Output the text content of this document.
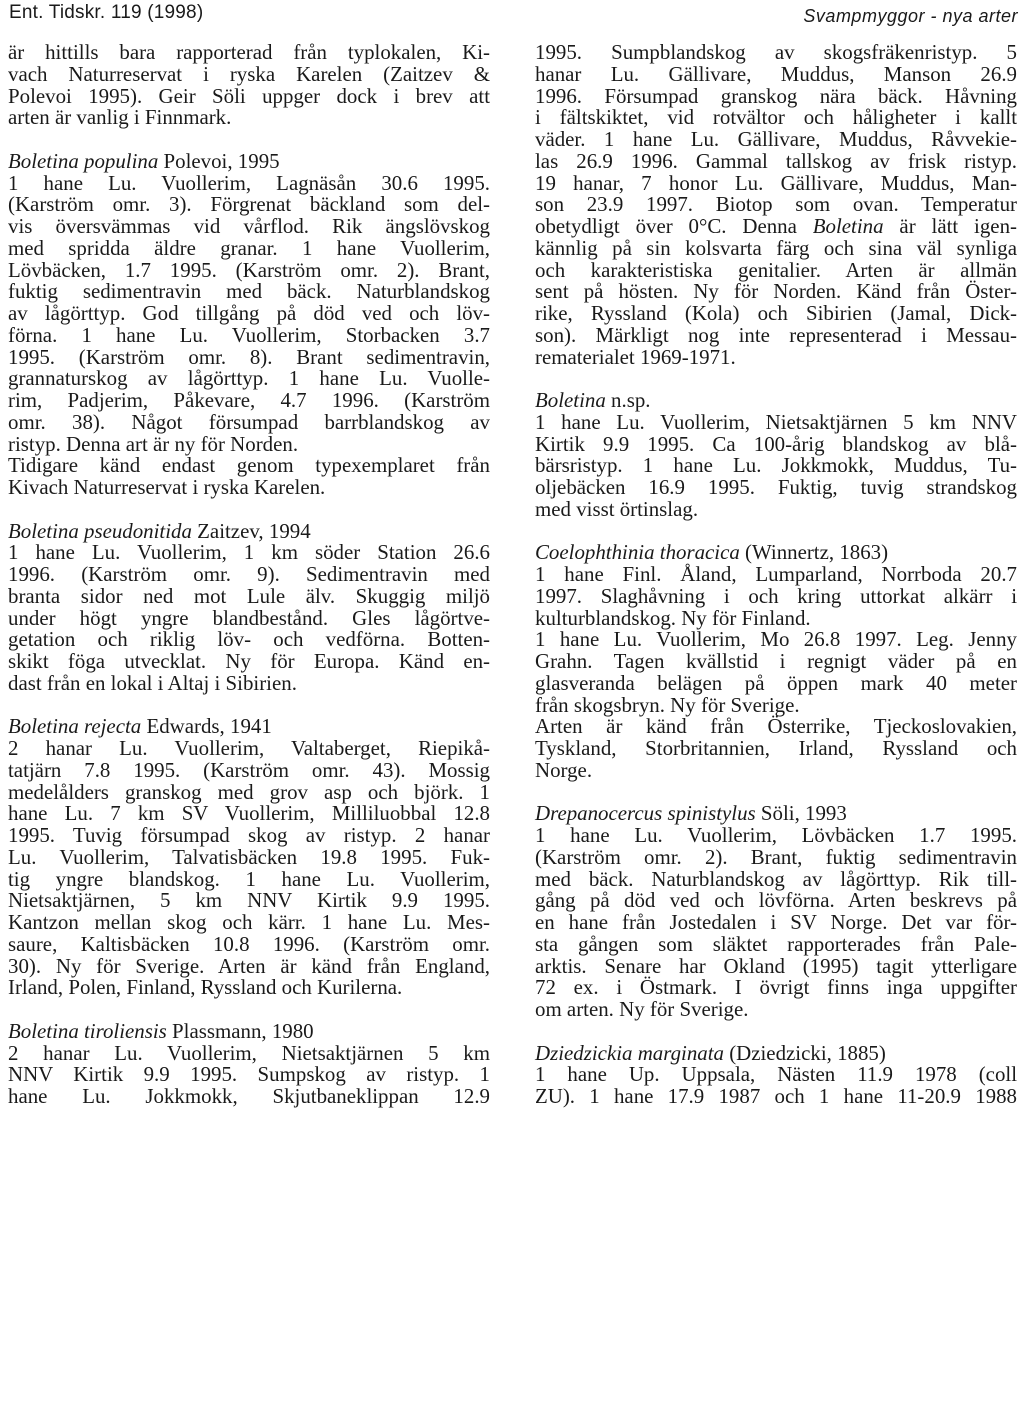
Ent. Tidskr. 119 (1998)	Svampmyggor - nya arter
är hittills bara rapporterad från typlokalen, Ki-
vach Naturreservat i ryska Karelen (Zaitzev &
Polevoi 1995). Geir Söli uppger dock i brev att
arten är vanlig i Finnmark.
Boletina populina Polevoi, 1995
1 hane Lu. Vuollerim, Lagnäsån 30.6 1995.
(Karström omr. 3). Förgrenat bäckland som del-
vis översvämmas vid vårflod. Rik ängslövskog
med spridda äldre granar. 1 hane Vuollerim,
Lövbäcken, 1.7 1995. (Karström omr. 2). Brant,
fuktig sedimentravin med bäck. Naturblandskog
av lågörttyp. God tillgång på död ved och löv-
förna. 1 hane Lu. Vuollerim, Storbacken 3.7
1995. (Karström omr. 8). Brant sedimentravin,
grannaturskog av lågörttyp. 1 hane Lu. Vuolle-
rim, Padjerim, Påkevare, 4.7 1996. (Karström
omr. 38). Något försumpad barrblandskog av
ristyp. Denna art är ny för Norden.
Tidigare känd endast genom typexemplaret från
Kivach Naturreservat i ryska Karelen.
Boletina pseudonitida Zaitzev, 1994
1 hane Lu. Vuollerim, 1 km söder Station 26.6
1996. (Karström omr. 9). Sedimentravin med
branta sidor ned mot Lule älv. Skuggig miljö
under högt yngre blandbestånd. Gles lågörtve-
getation och riklig löv- och vedförna. Botten-
skikt föga utvecklat. Ny för Europa. Känd en-
dast från en lokal i Altaj i Sibirien.
Boletina rejecta Edwards, 1941
2 hanar Lu. Vuollerim, Valtaberget, Riepikå-
tatjärn 7.8 1995. (Karström omr. 43). Mossig
medelålders granskog med grov asp och björk. 1
hane Lu. 7 km SV Vuollerim, Milliluobbal 12.8
1995. Tuvig försumpad skog av ristyp. 2 hanar
Lu. Vuollerim, Talvatisbäcken 19.8 1995. Fuk-
tig yngre blandskog. 1 hane Lu. Vuollerim,
Nietsaktjärnen, 5 km NNV Kirtik 9.9 1995.
Kantzon mellan skog och kärr. 1 hane Lu. Mes-
saure, Kaltisbäcken 10.8 1996. (Karström omr.
30). Ny för Sverige. Arten är känd från England,
Irland, Polen, Finland, Ryssland och Kurilerna.
Boletina tiroliensis Plassmann, 1980
2 hanar Lu. Vuollerim, Nietsaktjärnen 5 km
NNV Kirtik 9.9 1995. Sumpskog av ristyp. 1
hane Lu. Jokkmokk, Skjutbaneklippan 12.9
1995. Sumpblandskog av skogsfräkenristyp. 5
hanar Lu. Gällivare, Muddus, Manson 26.9
1996. Försumpad granskog nära bäck. Håvning
i fältskiktet, vid rotvältor och håligheter i kallt
väder. 1 hane Lu. Gällivare, Muddus, Råvvekie-
las 26.9 1996. Gammal tallskog av frisk ristyp.
19 hanar, 7 honor Lu. Gällivare, Muddus, Man-
son 23.9 1997. Biotop som ovan. Temperatur
obetydligt över 0°C. Denna Boletina är lätt igen-
kännlig på sin kolsvarta färg och sina väl synliga
och karakteristiska genitalier. Arten är allmän
sent på hösten. Ny för Norden. Känd från Öster-
rike, Ryssland (Kola) och Sibirien (Jamal, Dick-
son). Märkligt nog inte representerad i Messau-
rematerialet 1969-1971.
Boletina n.sp.
1 hane Lu. Vuollerim, Nietsaktjärnen 5 km NNV
Kirtik 9.9 1995. Ca 100-årig blandskog av blå-
bärsristyp. 1 hane Lu. Jokkmokk, Muddus, Tu-
oljebäcken 16.9 1995. Fuktig, tuvig strandskog
med visst örtinslag.
Coelophthinia thoracica (Winnertz, 1863)
1 hane Finl. Åland, Lumparland, Norrboda 20.7
1997. Slaghåvning i och kring uttorkat alkärr i
kulturblandskog. Ny för Finland.
1 hane Lu. Vuollerim, Mo 26.8 1997. Leg. Jenny
Grahn. Tagen kvällstid i regnigt väder på en
glasveranda belägen på öppen mark 40 meter
från skogsbryn. Ny för Sverige.
Arten är känd från Österrike, Tjeckoslovakien,
Tyskland, Storbritannien, Irland, Ryssland och
Norge.
Drepanocercus spinistylus Söli, 1993
1 hane Lu. Vuollerim, Lövbäcken 1.7 1995.
(Karström omr. 2). Brant, fuktig sedimentravin
med bäck. Naturblandskog av lågörttyp. Rik till-
gång på död ved och lövförna. Arten beskrevs på
en hane från Jostedalen i SV Norge. Det var för-
sta gången som släktet rapporterades från Pale-
arktis. Senare har Okland (1995) tagit ytterligare
72 ex. i Östmark. I övrigt finns inga uppgifter
om arten. Ny för Sverige.
Dziedzickia marginata (Dziedzicki, 1885)
1 hane Up. Uppsala, Nästen 11.9 1978 (coll
ZU). 1 hane 17.9 1987 och 1 hane 11-20.9 1988
